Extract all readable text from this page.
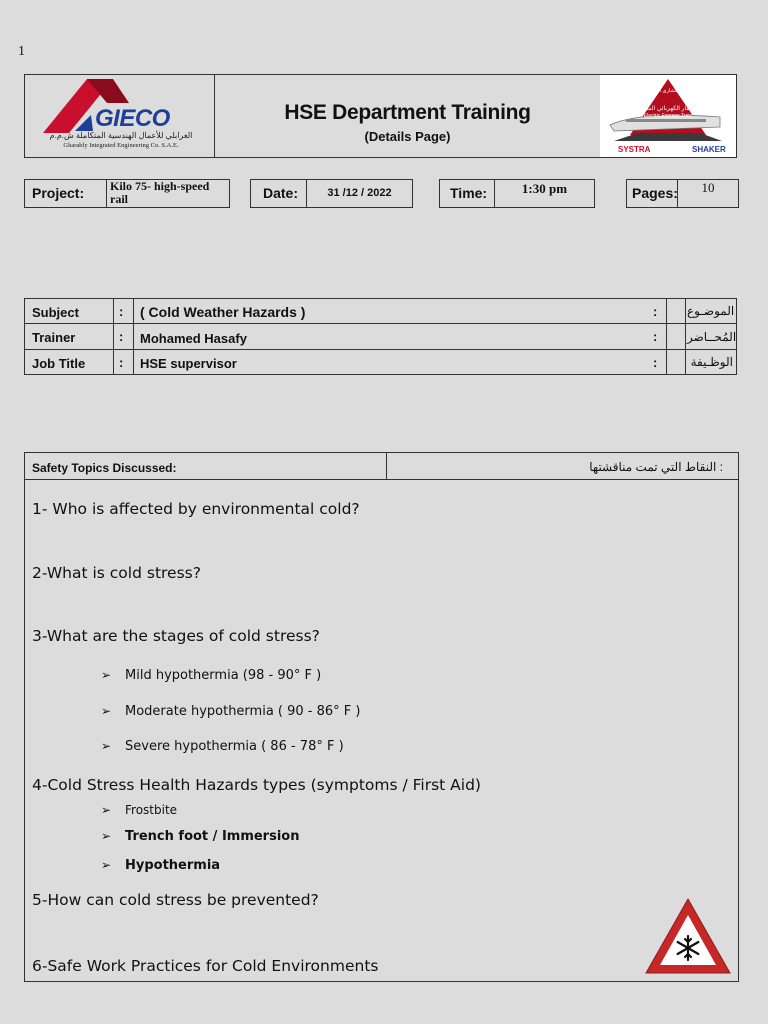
1
GIECO
الغرابلي للأعمال الهندسية المتكاملة ش.م.م
Gharably Integrated Engineering Co. S.A.E.
HSE Department Training
(Details Page)
الاستشاري العام
القطار الكهربائي السريع
Electric Express Train
SYSTRA	SHAKER
Project:	Kilo 75- high-speed rail	Date:	31 /12 / 2022	Time:	1:30 pm	Pages:	10
Subject	: ( Cold Weather Hazards )	: الموضـوع
Trainer	: Mohamed Hasafy	: المُحــاضر
Job Title	: HSE supervisor	:	الوظـيفة
Safety Topics Discussed:	النقاط التي تمت مناقشتها :
1- Who is affected by environmental cold?
2-What is cold stress?
3-What are the stages of cold stress?
➢ Mild hypothermia (98 - 90° F )
➢ Moderate hypothermia ( 90 - 86° F )
➢ Severe hypothermia ( 86 - 78° F )
4-Cold Stress Health Hazards types (symptoms / First Aid)
➢ Frostbite
➢ Trench foot / Immersion
➢ Hypothermia
5-How can cold stress be prevented?
6-Safe Work Practices for Cold Environments
